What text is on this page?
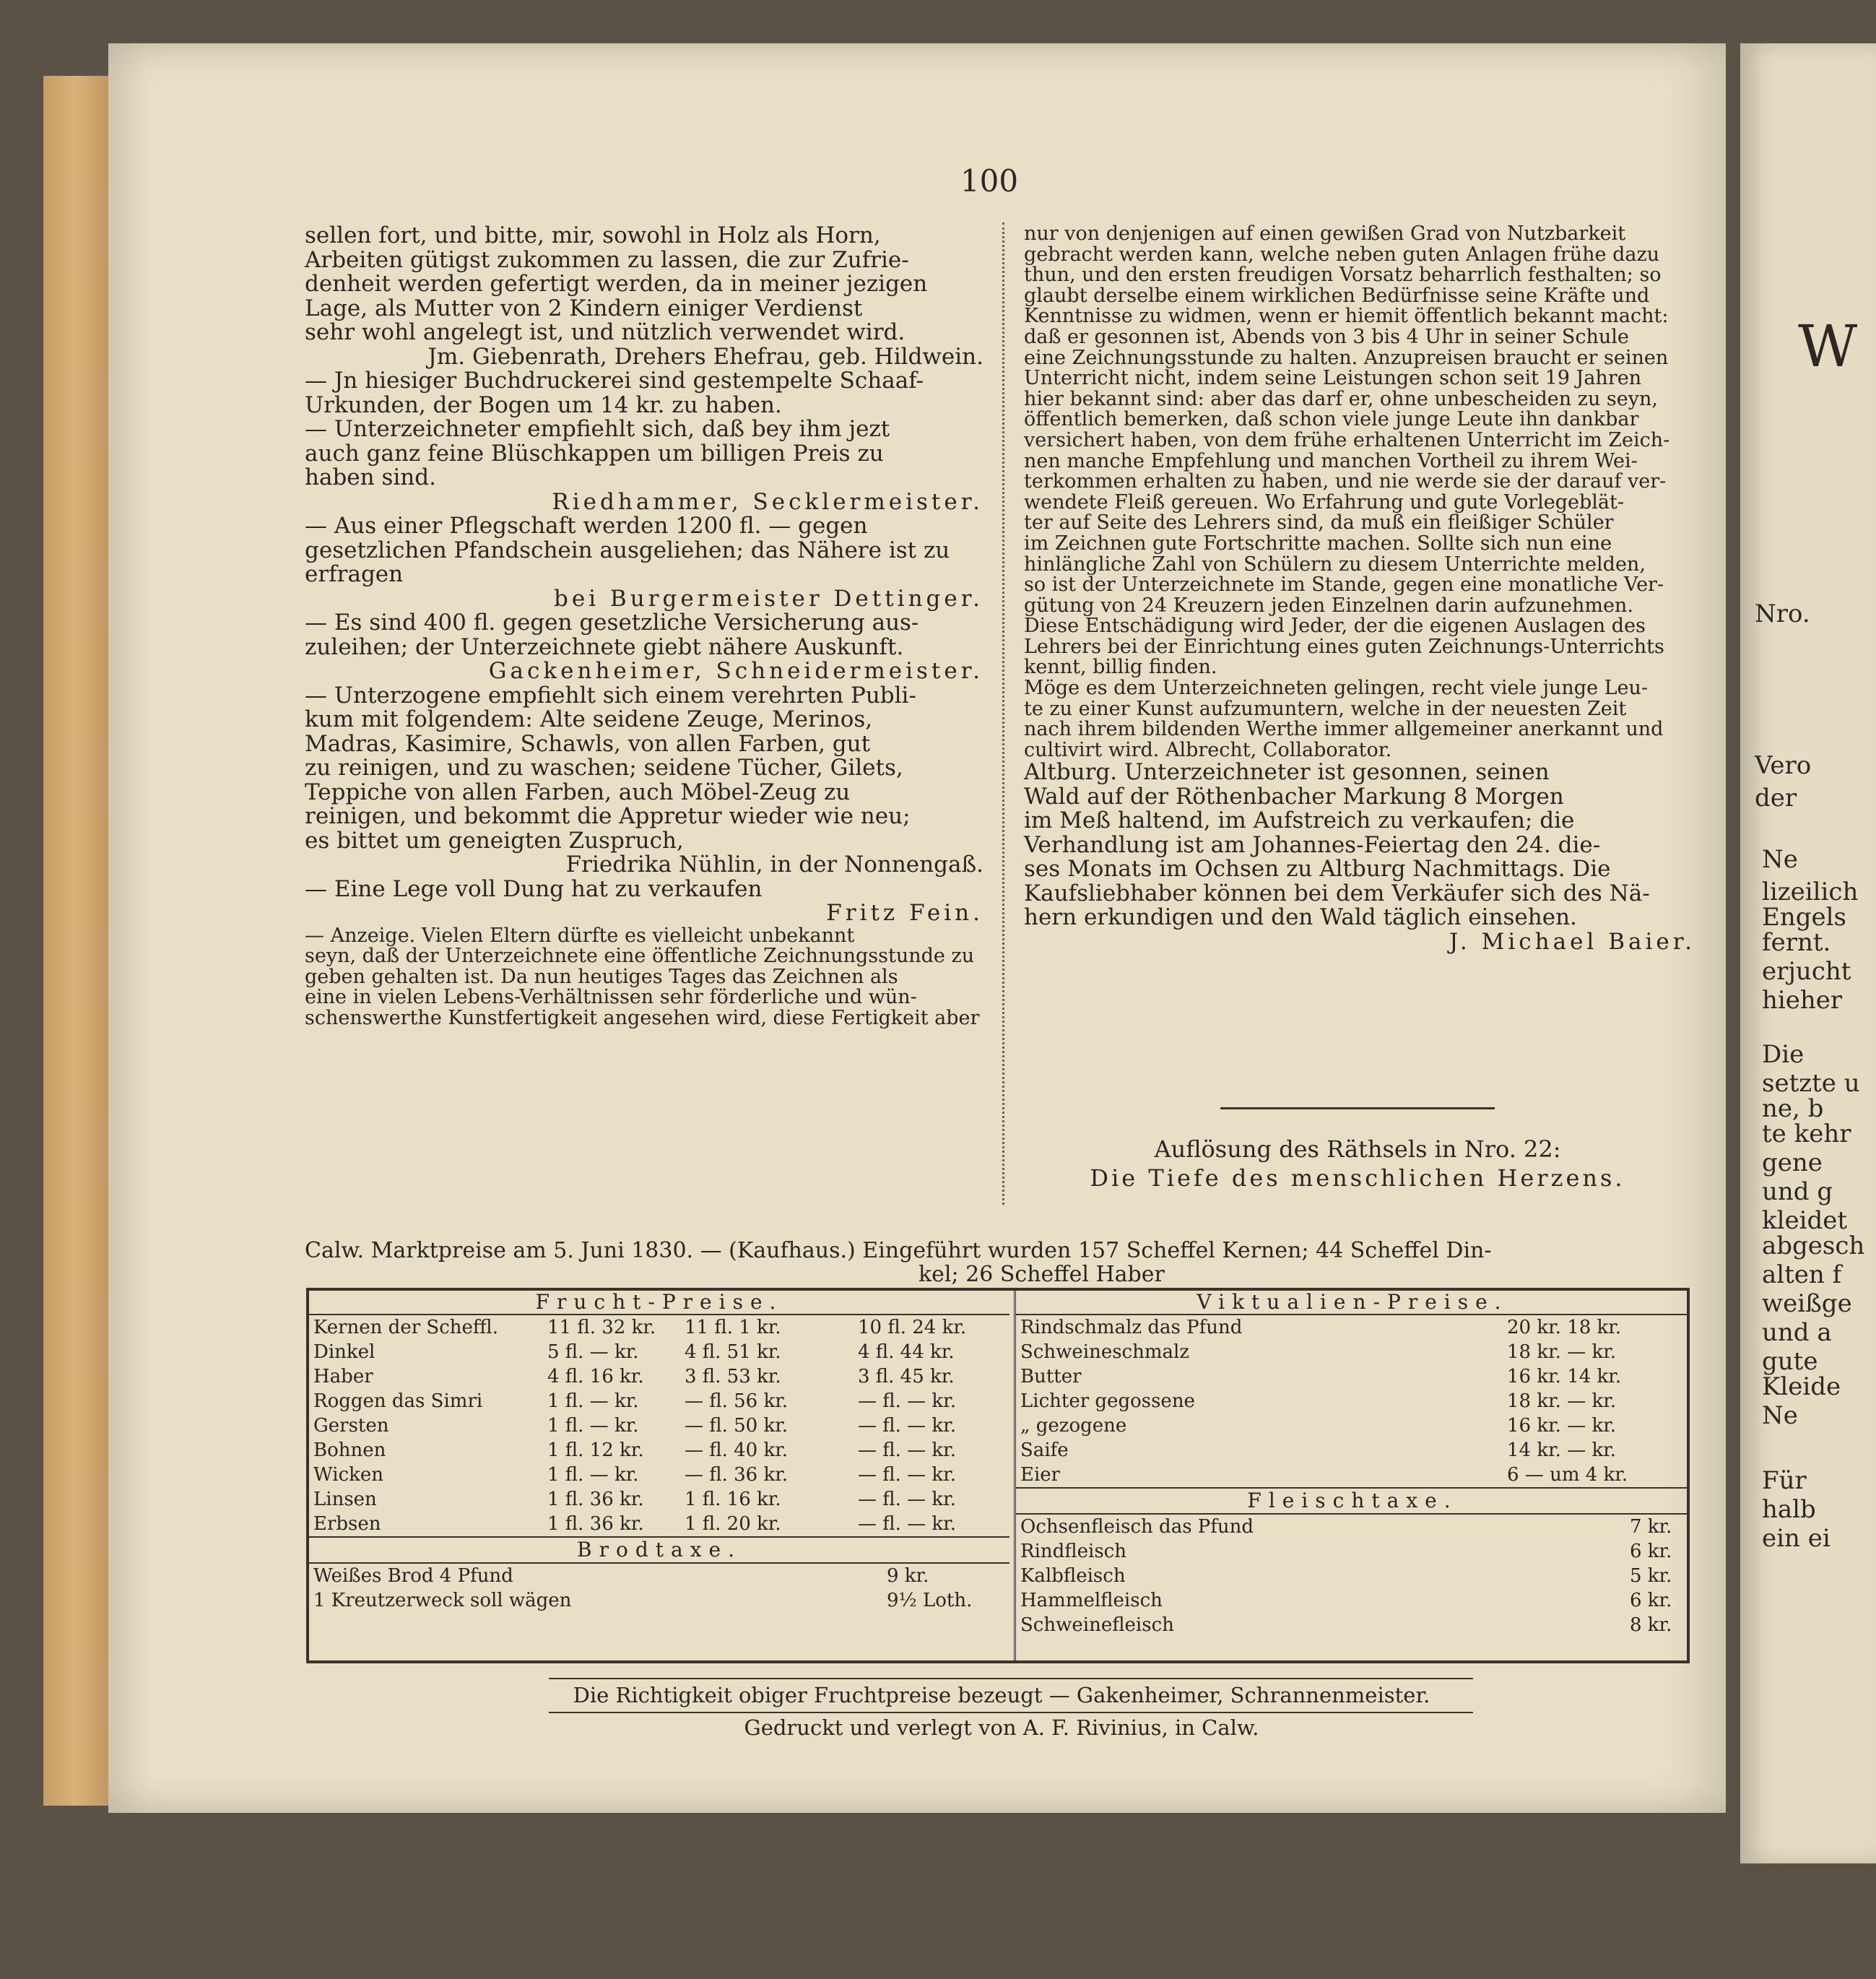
100

sellen fort, und bitte, mir, sowohl in Holz als Horn,

Arbeiten gütigst zukommen zu lassen, die zur Zufrie-

denheit werden gefertigt werden, da in meiner jezigen

Lage, als Mutter von 2 Kindern einiger Verdienst

sehr wohl angelegt ist, und nützlich verwendet wird.

Jm. Giebenrath, Drehers Ehefrau, geb. Hildwein.

— Jn hiesiger Buchdruckerei sind gestempelte Schaaf-

Urkunden, der Bogen um 14 kr. zu haben.

— Unterzeichneter empfiehlt sich, daß bey ihm jezt

auch ganz feine Blüschkappen um billigen Preis zu

haben sind.

Riedhammer, Secklermeister.

— Aus einer Pflegschaft werden 1200 fl. — gegen

gesetzlichen Pfandschein ausgeliehen; das Nähere ist zu

erfragen

bei Burgermeister Dettinger.

— Es sind 400 fl. gegen gesetzliche Versicherung aus-

zuleihen; der Unterzeichnete giebt nähere Auskunft.

Gackenheimer, Schneidermeister.

— Unterzogene empfiehlt sich einem verehrten Publi-

kum mit folgendem: Alte seidene Zeuge, Merinos,

Madras, Kasimire, Schawls, von allen Farben, gut

zu reinigen, und zu waschen; seidene Tücher, Gilets,

Teppiche von allen Farben, auch Möbel-Zeug zu

reinigen, und bekommt die Appretur wieder wie neu;

es bittet um geneigten Zuspruch,

Friedrika Nühlin, in der Nonnengaß.

— Eine Lege voll Dung hat zu verkaufen

Fritz Fein.

— Anzeige. Vielen Eltern dürfte es vielleicht unbekannt

seyn, daß der Unterzeichnete eine öffentliche Zeichnungsstunde zu

geben gehalten ist. Da nun heutiges Tages das Zeichnen als

eine in vielen Lebens-Verhältnissen sehr förderliche und wün-

schenswerthe Kunstfertigkeit angesehen wird, diese Fertigkeit aber

nur von denjenigen auf einen gewißen Grad von Nutzbarkeit

gebracht werden kann, welche neben guten Anlagen frühe dazu

thun, und den ersten freudigen Vorsatz beharrlich festhalten; so

glaubt derselbe einem wirklichen Bedürfnisse seine Kräfte und

Kenntnisse zu widmen, wenn er hiemit öffentlich bekannt macht:

daß er gesonnen ist, Abends von 3 bis 4 Uhr in seiner Schule

eine Zeichnungsstunde zu halten. Anzupreisen braucht er seinen

Unterricht nicht, indem seine Leistungen schon seit 19 Jahren

hier bekannt sind: aber das darf er, ohne unbescheiden zu seyn,

öffentlich bemerken, daß schon viele junge Leute ihn dankbar

versichert haben, von dem frühe erhaltenen Unterricht im Zeich-

nen manche Empfehlung und manchen Vortheil zu ihrem Wei-

terkommen erhalten zu haben, und nie werde sie der darauf ver-

wendete Fleiß gereuen. Wo Erfahrung und gute Vorlegeblät-

ter auf Seite des Lehrers sind, da muß ein fleißiger Schüler

im Zeichnen gute Fortschritte machen. Sollte sich nun eine

hinlängliche Zahl von Schülern zu diesem Unterrichte melden,

so ist der Unterzeichnete im Stande, gegen eine monatliche Ver-

gütung von 24 Kreuzern jeden Einzelnen darin aufzunehmen.

Diese Entschädigung wird Jeder, der die eigenen Auslagen des

Lehrers bei der Einrichtung eines guten Zeichnungs-Unterrichts

kennt, billig finden.

Möge es dem Unterzeichneten gelingen, recht viele junge Leu-

te zu einer Kunst aufzumuntern, welche in der neuesten Zeit

nach ihrem bildenden Werthe immer allgemeiner anerkannt und

cultivirt wird. Albrecht, Collaborator.

Altburg. Unterzeichneter ist gesonnen, seinen

Wald auf der Röthenbacher Markung 8 Morgen

im Meß haltend, im Aufstreich zu verkaufen; die

Verhandlung ist am Johannes-Feiertag den 24. die-

ses Monats im Ochsen zu Altburg Nachmittags. Die

Kaufsliebhaber können bei dem Verkäufer sich des Nä-

hern erkundigen und den Wald täglich einsehen.

J. Michael Baier.

Auflösung des Räthsels in Nro. 22:
Die Tiefe des menschlichen Herzens.
Calw. Marktpreise am 5. Juni 1830. — (Kaufhaus.) Eingeführt wurden 157 Scheffel Kernen; 44 Scheffel Din-
kel; 26 Scheffel Haber
Frucht-Preise.
Kernen der Scheffl.	11 fl. 32 kr. 11 fl. 1 kr.	10 fl. 24 kr.
Dinkel	5 fl. — kr. 4 fl. 51 kr.	4 fl. 44 kr.
Haber	4 fl. 16 kr. 3 fl. 53 kr.	3 fl. 45 kr.
Roggen das Simri	1 fl. — kr. — fl. 56 kr.	— fl. — kr.
Gersten	1 fl. — kr. — fl. 50 kr.	— fl. — kr.
Bohnen	1 fl. 12 kr. — fl. 40 kr.	— fl. — kr.
Wicken	1 fl. — kr. — fl. 36 kr.	— fl. — kr.
Linsen	1 fl. 36 kr. 1 fl. 16 kr.	— fl. — kr.
Erbsen	1 fl. 36 kr. 1 fl. 20 kr.	— fl. — kr.
Brodtaxe.
Weißes Brod 4 Pfund	9 kr.
1 Kreutzerweck soll wägen	9½ Loth.
Viktualien-Preise.
Rindschmalz das Pfund	20 kr. 18 kr.
Schweineschmalz	18 kr. — kr.
Butter	16 kr. 14 kr.
Lichter gegossene	18 kr. — kr.
„ gezogene	16 kr. — kr.
Saife	14 kr. — kr.
Eier	6 — um 4 kr.
Fleischtaxe.
Ochsenfleisch das Pfund	7 kr.
Rindfleisch	6 kr.
Kalbfleisch	5 kr.
Hammelfleisch	6 kr.
Schweinefleisch	8 kr.
Die Richtigkeit obiger Fruchtpreise bezeugt — Gakenheimer, Schrannenmeister.
Gedruckt und verlegt von A. F. Rivinius, in Calw.
W
Nro.
Vero
der
Ne
lizeilich
Engels
fernt.
erjucht
hieher
Die
setzte u
ne, b
te kehr
gene
und g
kleidet
abgesch
alten f
weißge
und a
gute
Kleide
Ne
Für
halb
ein ei
